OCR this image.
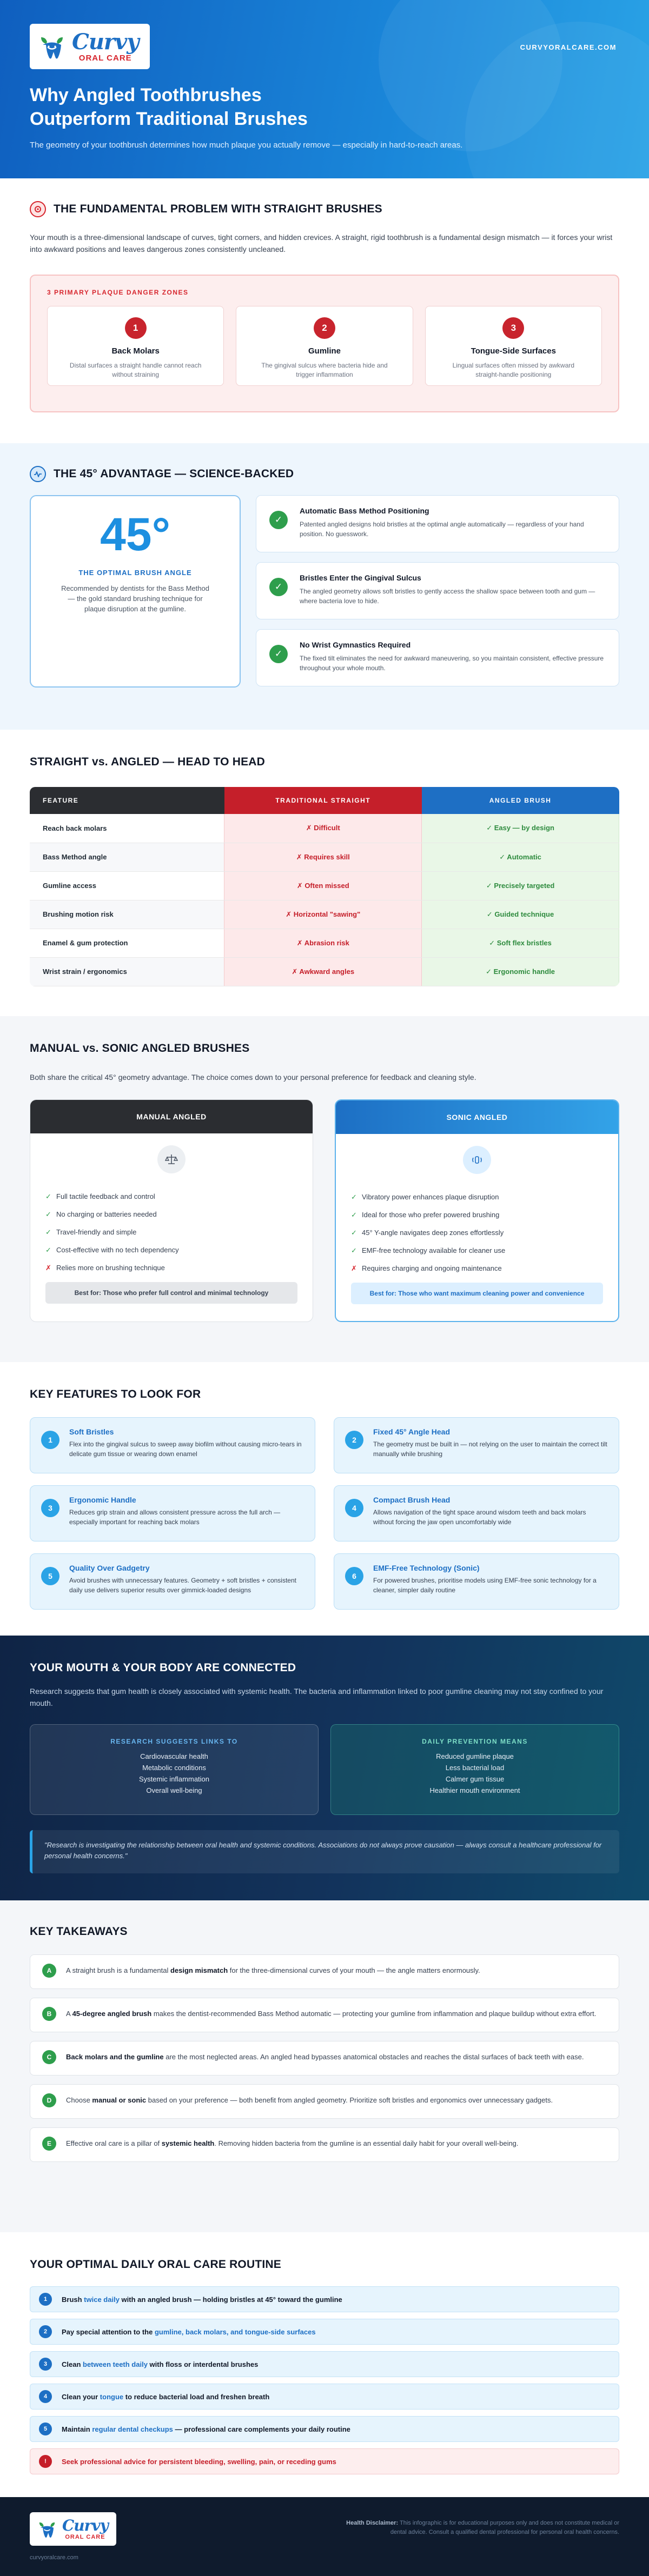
Curvy
ORAL CARE
CURVYORALCARE.COM
Why Angled Toothbrushes
Outperform Traditional Brushes

The geometry of your toothbrush determines how much plaque you actually remove — especially in hard-to-reach areas.

THE FUNDAMENTAL PROBLEM WITH STRAIGHT BRUSHES

Your mouth is a three-dimensional landscape of curves, tight corners, and hidden crevices. A straight, rigid toothbrush is a fundamental design mismatch — it forces your wrist into awkward positions and leaves dangerous zones consistently uncleaned.

3 PRIMARY PLAQUE DANGER ZONES
1
Back Molars
Distal surfaces a straight handle cannot reach without straining
2
Gumline
The gingival sulcus where bacteria hide and trigger inflammation
3
Tongue-Side Surfaces
Lingual surfaces often missed by awkward straight-handle positioning
THE 45° ADVANTAGE — SCIENCE-BACKED
45°
THE OPTIMAL BRUSH ANGLE
Recommended by dentists for the Bass Method — the gold standard brushing technique for plaque disruption at the gumline.
✓
Automatic Bass Method Positioning
Patented angled designs hold bristles at the optimal angle automatically — regardless of your hand position. No guesswork.
✓
Bristles Enter the Gingival Sulcus
The angled geometry allows soft bristles to gently access the shallow space between tooth and gum — where bacteria love to hide.
✓
No Wrist Gymnastics Required
The fixed tilt eliminates the need for awkward maneuvering, so you maintain consistent, effective pressure throughout your whole mouth.
STRAIGHT vs. ANGLED — HEAD TO HEAD
FEATURE	TRADITIONAL STRAIGHT	ANGLED BRUSH
Reach back molars	✗ Difficult	✓ Easy — by design
Bass Method angle	✗ Requires skill	✓ Automatic
Gumline access	✗ Often missed	✓ Precisely targeted
Brushing motion risk	✗ Horizontal "sawing"	✓ Guided technique
Enamel & gum protection	✗ Abrasion risk	✓ Soft flex bristles
Wrist strain / ergonomics	✗ Awkward angles	✓ Ergonomic handle
MANUAL vs. SONIC ANGLED BRUSHES

Both share the critical 45° geometry advantage. The choice comes down to your personal preference for feedback and cleaning style.

MANUAL ANGLED
✓ Full tactile feedback and control
✓ No charging or batteries needed
✓ Travel-friendly and simple
✓ Cost-effective with no tech dependency
✗ Relies more on brushing technique
Best for: Those who prefer full control and minimal technology
SONIC ANGLED
✓ Vibratory power enhances plaque disruption
✓ Ideal for those who prefer powered brushing
✓ 45° Y-angle navigates deep zones effortlessly
✓ EMF-free technology available for cleaner use
✗ Requires charging and ongoing maintenance
Best for: Those who want maximum cleaning power and convenience
KEY FEATURES TO LOOK FOR
1
Soft Bristles
Flex into the gingival sulcus to sweep away biofilm without causing micro-tears in delicate gum tissue or wearing down enamel
2
Fixed 45° Angle Head
The geometry must be built in — not relying on the user to maintain the correct tilt manually while brushing
3
Ergonomic Handle
Reduces grip strain and allows consistent pressure across the full arch — especially important for reaching back molars
4
Compact Brush Head
Allows navigation of the tight space around wisdom teeth and back molars without forcing the jaw open uncomfortably wide
5
Quality Over Gadgetry
Avoid brushes with unnecessary features. Geometry + soft bristles + consistent daily use delivers superior results over gimmick-loaded designs
6
EMF-Free Technology (Sonic)
For powered brushes, prioritise models using EMF-free sonic technology for a cleaner, simpler daily routine
YOUR MOUTH & YOUR BODY ARE CONNECTED

Research suggests that gum health is closely associated with systemic health. The bacteria and inflammation linked to poor gumline cleaning may not stay confined to your mouth.

RESEARCH SUGGESTS LINKS TO
Cardiovascular health
Metabolic conditions
Systemic inflammation
Overall well-being
DAILY PREVENTION MEANS
Reduced gumline plaque
Less bacterial load
Calmer gum tissue
Healthier mouth environment
"Research is investigating the relationship between oral health and systemic conditions. Associations do not always prove causation — always consult a healthcare professional for personal health concerns."
KEY TAKEAWAYS
A	A straight brush is a fundamental design mismatch for the three-dimensional curves of your mouth — the angle matters enormously.
B	A 45-degree angled brush makes the dentist-recommended Bass Method automatic — protecting your gumline from inflammation and plaque buildup without extra effort.
C	Back molars and the gumline are the most neglected areas. An angled head bypasses anatomical obstacles and reaches the distal surfaces of back teeth with ease.
D	Choose manual or sonic based on your preference — both benefit from angled geometry. Prioritize soft bristles and ergonomics over unnecessary gadgets.
E	Effective oral care is a pillar of systemic health. Removing hidden bacteria from the gumline is an essential daily habit for your overall well-being.
YOUR OPTIMAL DAILY ORAL CARE ROUTINE
1	Brush twice daily with an angled brush — holding bristles at 45° toward the gumline
2	Pay special attention to the gumline, back molars, and tongue-side surfaces
3	Clean between teeth daily with floss or interdental brushes
4	Clean your tongue to reduce bacterial load and freshen breath
5	Maintain regular dental checkups — professional care complements your daily routine
!	Seek professional advice for persistent bleeding, swelling, pain, or receding gums
Curvy
ORAL CARE
curvyoralcare.com
Health Disclaimer: This infographic is for educational purposes only and does not constitute medical or dental advice. Consult a qualified dental professional for personal oral health concerns.
